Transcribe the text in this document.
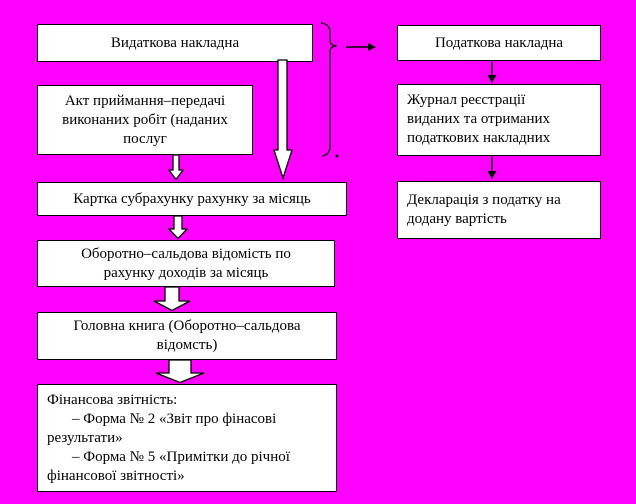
Видаткова накладна
Акт приймання–передачі виконаних робіт (наданих послуг
Картка субрахунку рахунку за місяць
Оборотно–сальдова відомість по рахунку доходів за місяць
Головна книга (Оборотно–сальдова відомсть)

Фінансова звітність:

– Форма № 2 «Звіт про фінасові результати»

– Форма № 5 «Примітки до річної фінансової звітності»

Податкова накладна
Журнал реєстрації виданих та отриманих податкових накладних
Декларація з податку на додану вартість
